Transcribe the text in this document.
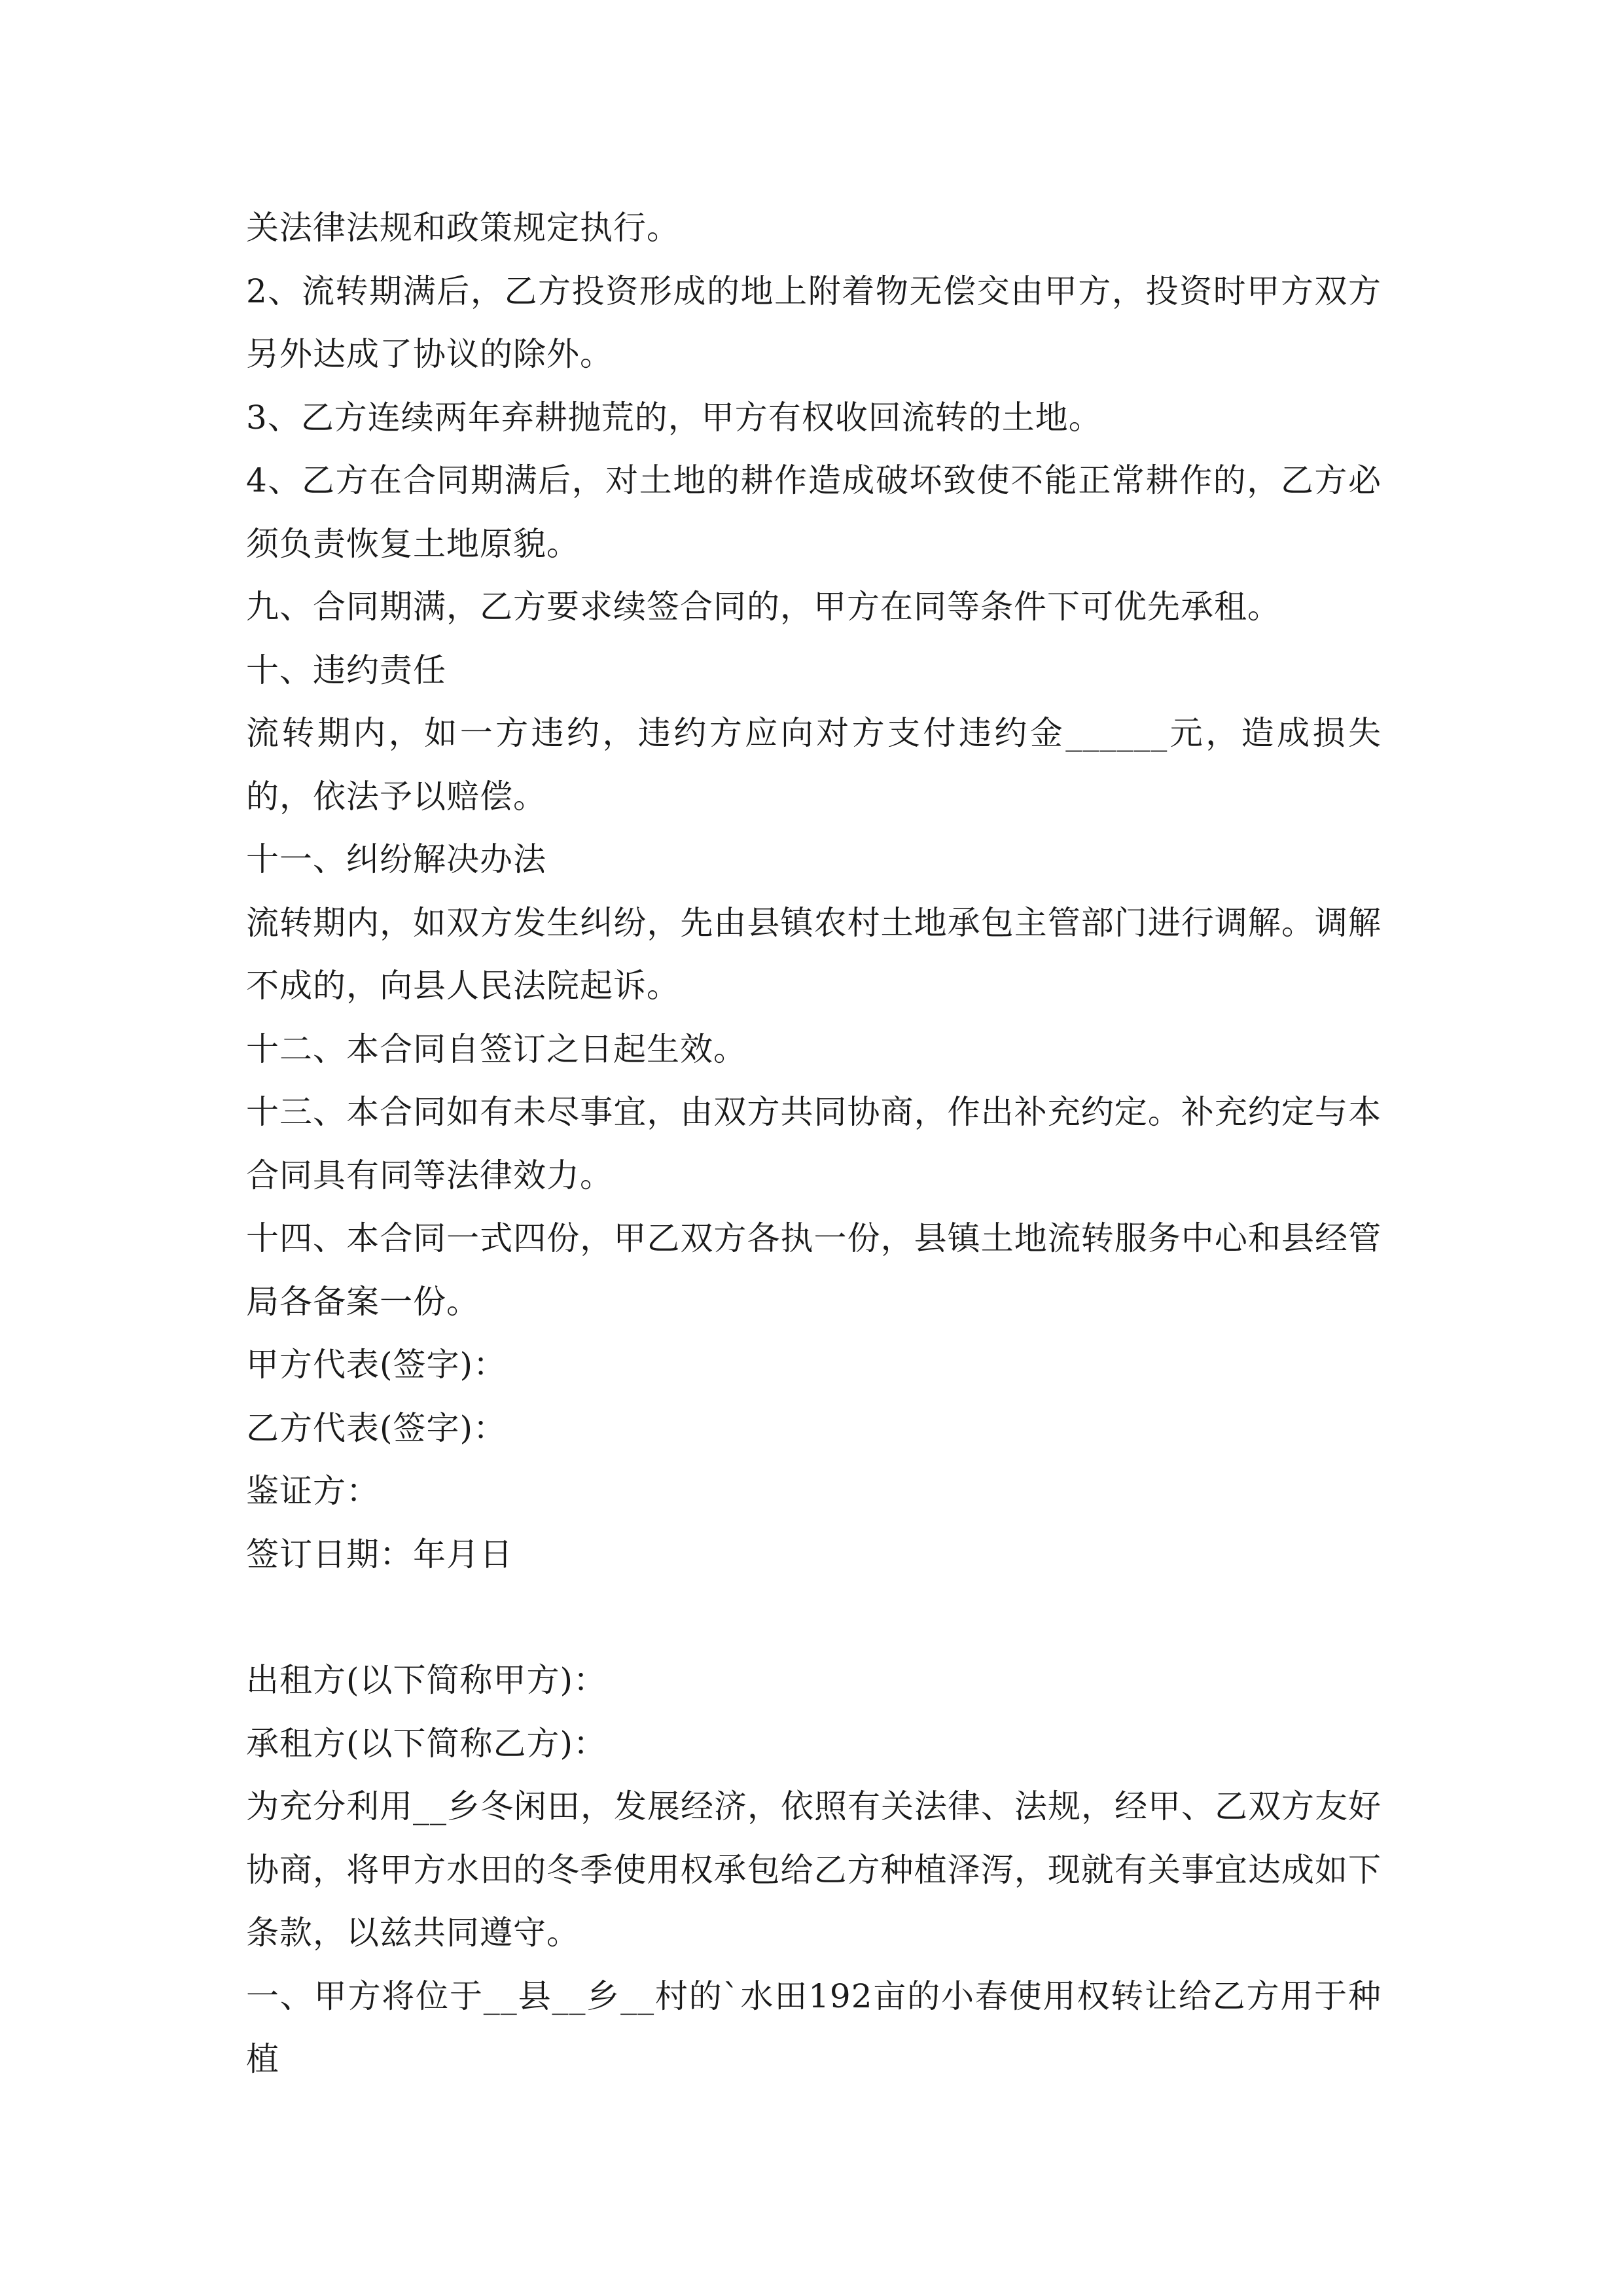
关法律法规和政策规定执行。

2、流转期满后，乙方投资形成的地上附着物无偿交由甲方，投资时甲方双方另外达成了协议的除外。

3、乙方连续两年弃耕抛荒的，甲方有权收回流转的土地。

4、乙方在合同期满后，对土地的耕作造成破坏致使不能正常耕作的，乙方必须负责恢复土地原貌。

九、合同期满，乙方要求续签合同的，甲方在同等条件下可优先承租。

十、违约责任

流转期内，如一方违约，违约方应向对方支付违约金______元，造成损失的，依法予以赔偿。

十一、纠纷解决办法

流转期内，如双方发生纠纷，先由县镇农村土地承包主管部门进行调解。调解不成的，向县人民法院起诉。

十二、本合同自签订之日起生效。

十三、本合同如有未尽事宜，由双方共同协商，作出补充约定。补充约定与本合同具有同等法律效力。

十四、本合同一式四份，甲乙双方各执一份，县镇土地流转服务中心和县经管局各备案一份。

甲方代表(签字)：

乙方代表(签字)：

鉴证方：

签订日期：年月日

出租方(以下简称甲方)：

承租方(以下简称乙方)：

为充分利用__乡冬闲田，发展经济，依照有关法律、法规，经甲、乙双方友好协商，将甲方水田的冬季使用权承包给乙方种植泽泻，现就有关事宜达成如下条款，以兹共同遵守。

一、甲方将位于__县__乡__村的`水田192亩的小春使用权转让给乙方用于种植
